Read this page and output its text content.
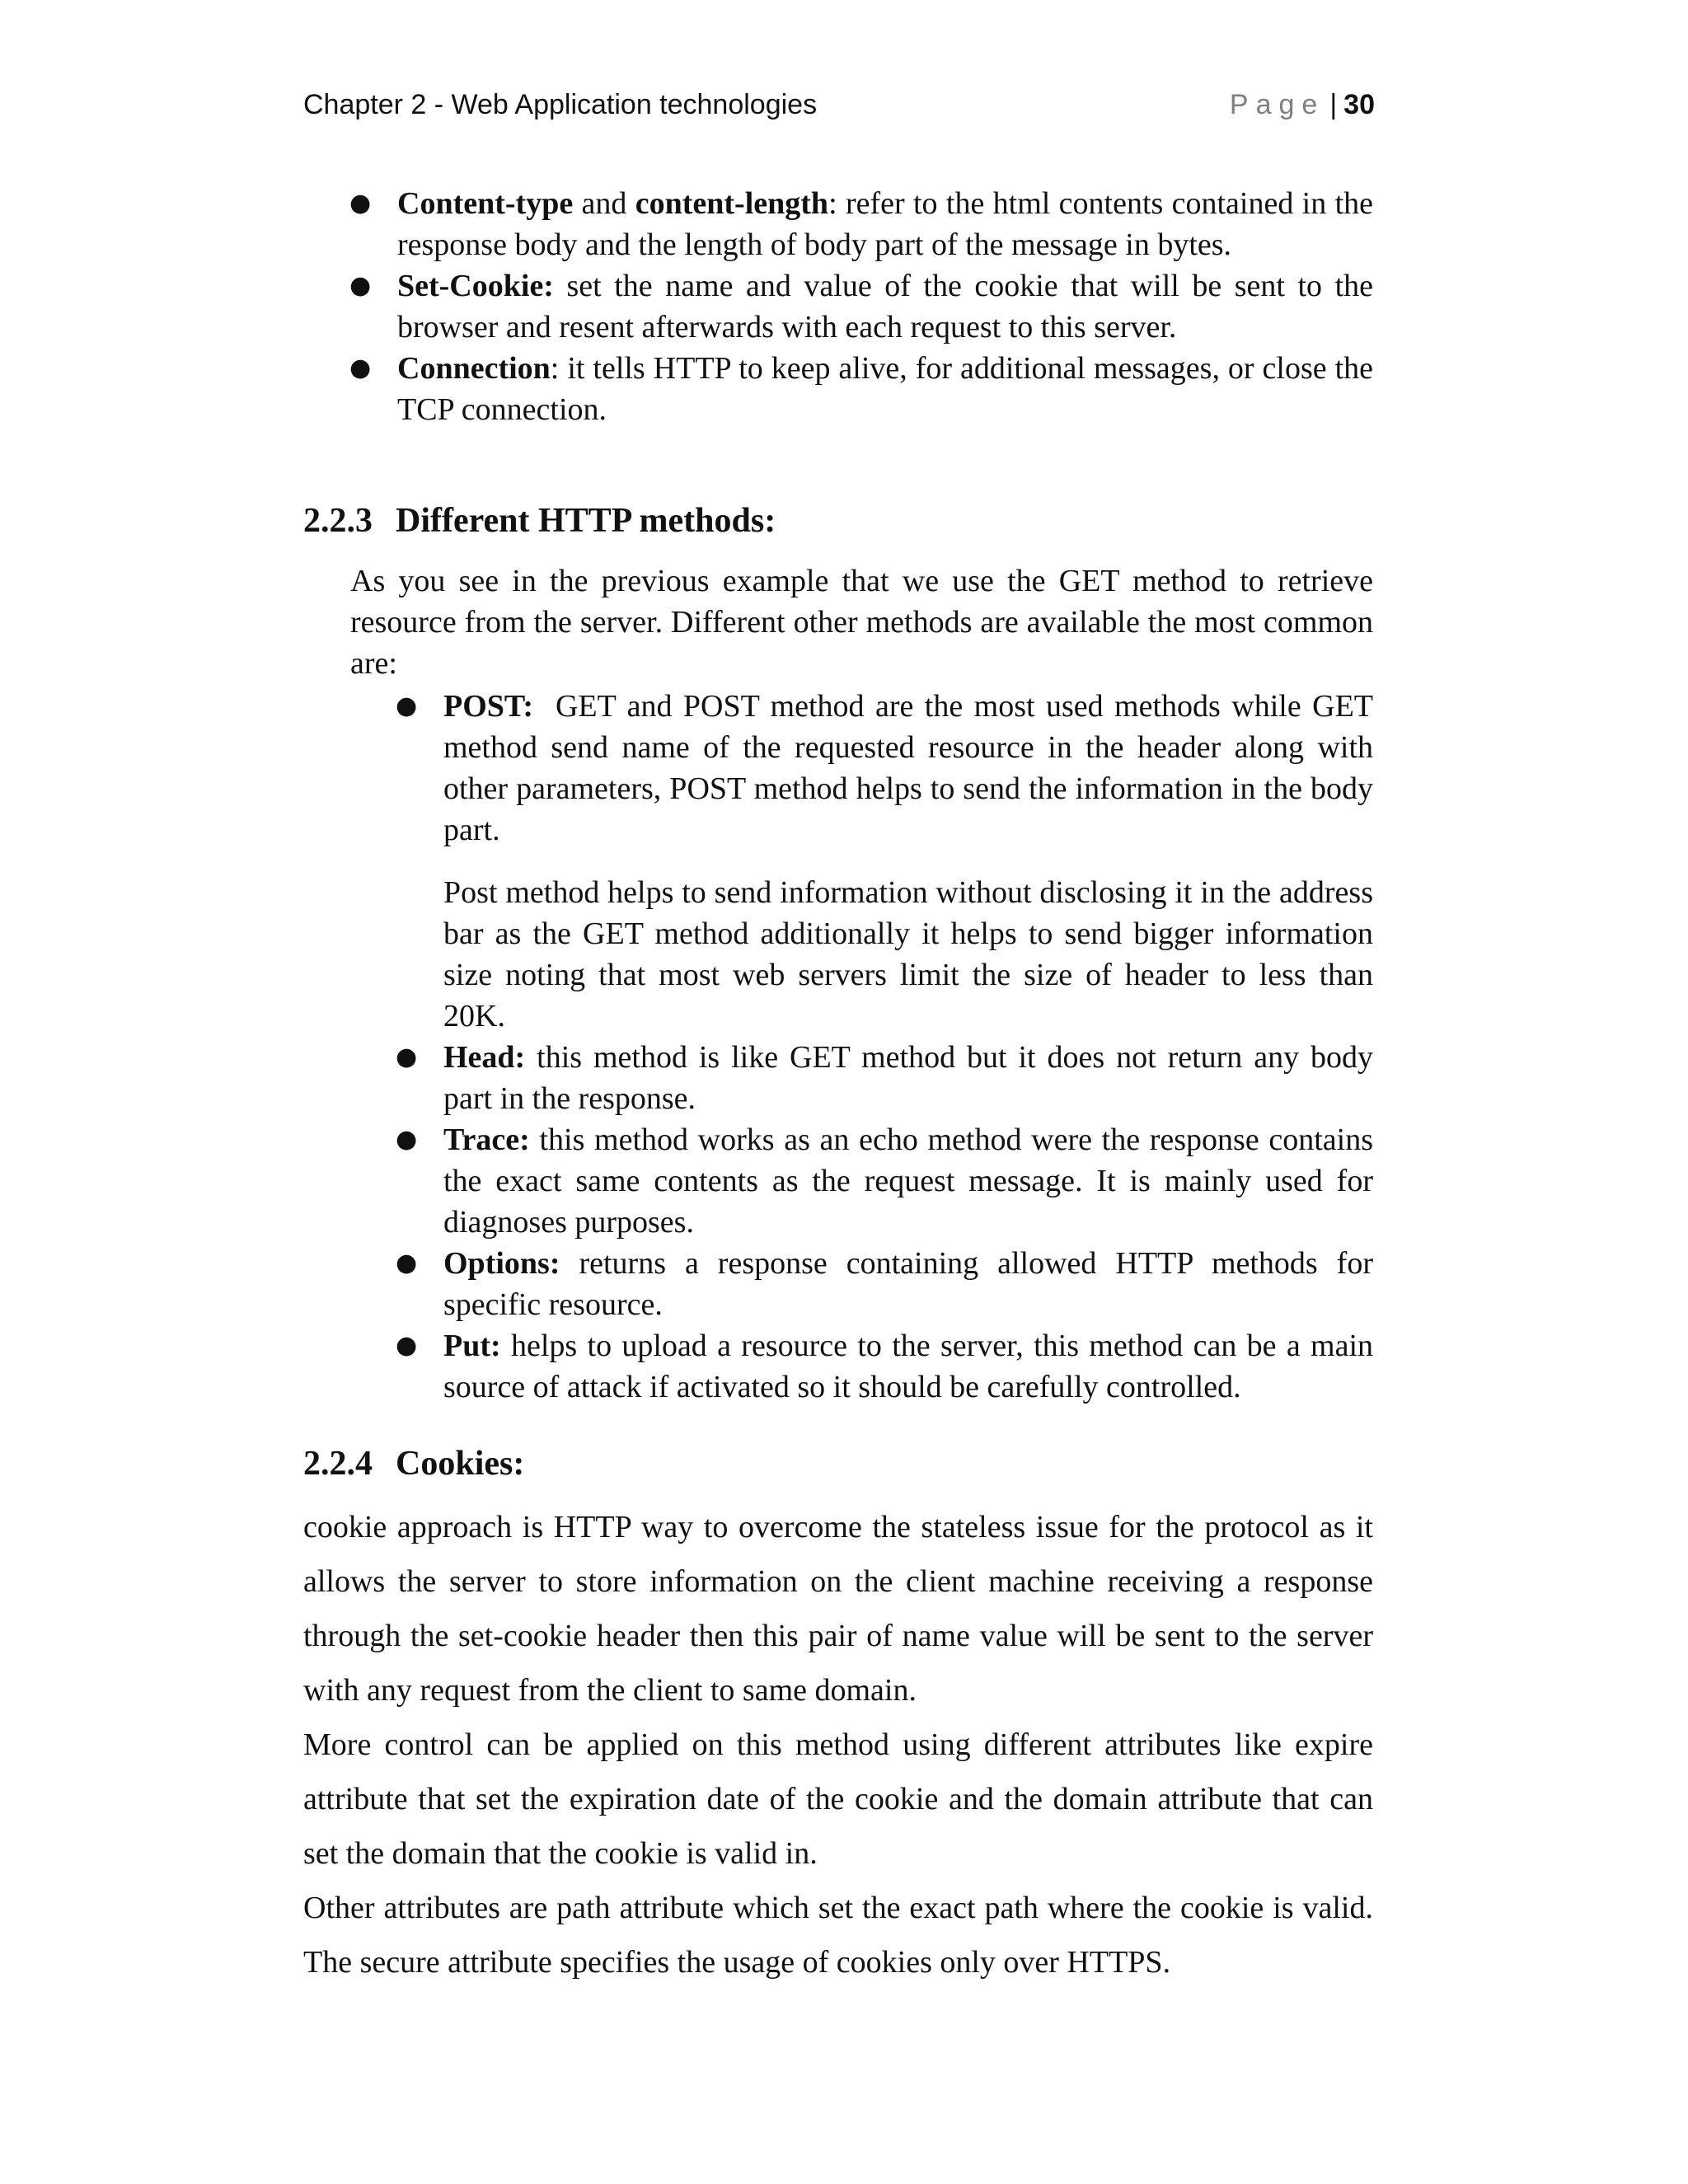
Chapter 2 - Web Application technologies	Page | 30
● Content-type and content-length: refer to the html contents contained in the response body and the length of body part of the message in bytes.
● Set-Cookie: set the name and value of the cookie that will be sent to the browser and resent afterwards with each request to this server.
● Connection: it tells HTTP to keep alive, for additional messages, or close the TCP connection.
2.2.3 Different HTTP methods:

As you see in the previous example that we use the GET method to retrieve resource from the server. Different other methods are available the most common are:

● POST:  GET and POST method are the most used methods while GET method send name of the requested resource in the header along with other parameters, POST method helps to send the information in the body part.

Post method helps to send information without disclosing it in the address bar as the GET method additionally it helps to send bigger information size noting that most web servers limit the size of header to less than 20K.

● Head: this method is like GET method but it does not return any body part in the response.
● Trace: this method works as an echo method were the response contains the exact same contents as the request message. It is mainly used for diagnoses purposes.
● Options: returns a response containing allowed HTTP methods for specific resource.
● Put: helps to upload a resource to the server, this method can be a main source of attack if activated so it should be carefully controlled.
2.2.4 Cookies:

cookie approach is HTTP way to overcome the stateless issue for the protocol as it allows the server to store information on the client machine receiving a response through the set-cookie header then this pair of name value will be sent to the server with any request from the client to same domain.

More control can be applied on this method using different attributes like expire attribute that set the expiration date of the cookie and the domain attribute that can set the domain that the cookie is valid in.

Other attributes are path attribute which set the exact path where the cookie is valid. The secure attribute specifies the usage of cookies only over HTTPS.
